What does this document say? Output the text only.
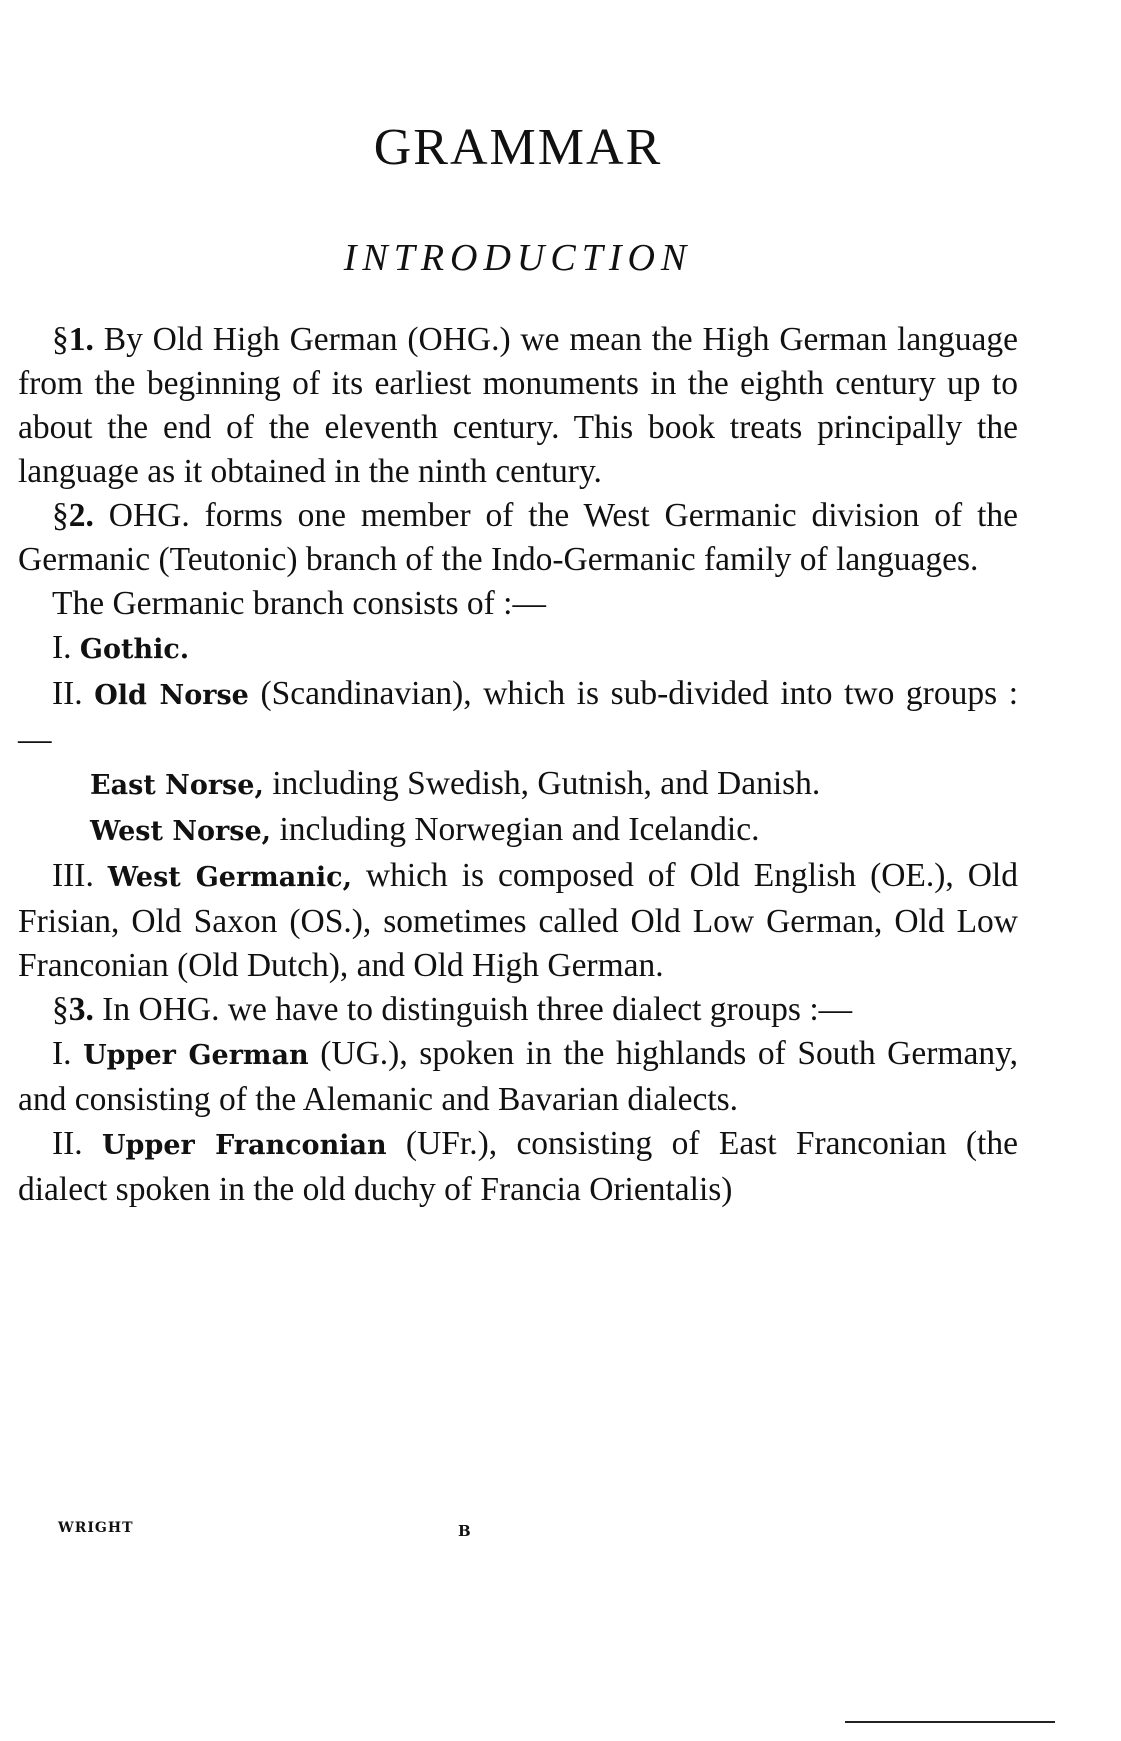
GRAMMAR
INTRODUCTION

§1. By Old High German (OHG.) we mean the High German language from the beginning of its earliest monuments in the eighth century up to about the end of the eleventh century. This book treats principally the language as it obtained in the ninth century.

§2. OHG. forms one member of the West Germanic division of the Germanic (Teutonic) branch of the Indo-Germanic family of languages.

The Germanic branch consists of :—

I. Gothic.

II. Old Norse (Scandinavian), which is sub-divided into two groups :—

East Norse, including Swedish, Gutnish, and Danish.

West Norse, including Norwegian and Icelandic.

III. West Germanic, which is composed of Old English (OE.), Old Frisian, Old Saxon (OS.), sometimes called Old Low German, Old Low Franconian (Old Dutch), and Old High German.

§3. In OHG. we have to distinguish three dialect groups :—

I. Upper German (UG.), spoken in the highlands of South Germany, and consisting of the Alemanic and Bavarian dialects.

II. Upper Franconian (UFr.), consisting of East Franconian (the dialect spoken in the old duchy of Francia Orientalis)

WRIGHT	B
